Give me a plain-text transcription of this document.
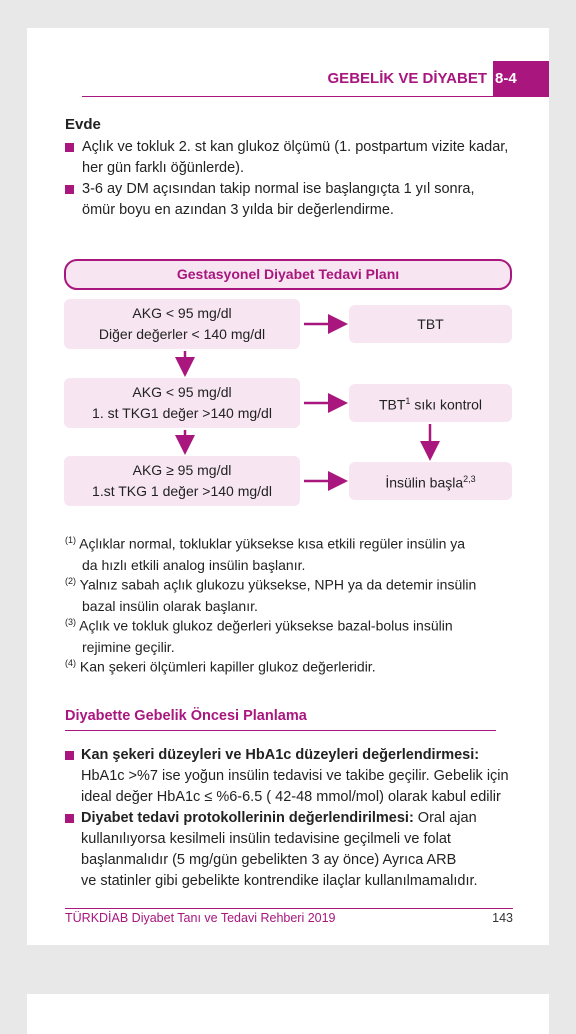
GEBELİK VE DİYABET 8-4
Evde
Açlık ve tokluk 2. st kan glukoz ölçümü (1. postpartum vizite kadar,
her gün farklı öğünlerde).
3-6 ay DM açısından takip normal ise başlangıçta 1 yıl sonra,
ömür boyu en azından 3 yılda bir değerlendirme.
Gestasyonel Diyabet Tedavi Planı
AKG < 95 mg/dl
Diğer değerler < 140 mg/dl
AKG < 95 mg/dl
1. st TKG1 değer >140 mg/dl
AKG ≥ 95 mg/dl
1.st TKG 1 değer >140 mg/dl
TBT
TBT$^1$ sıkı kontrol
İnsülin başla$^{2,3}$
$^{(1)}$ Açlıklar normal, tokluklar yüksekse kısa etkili regüler insülin ya
da hızlı etkili analog insülin başlanır.
$^{(2)}$ Yalnız sabah açlık glukozu yüksekse, NPH ya da detemir insülin
bazal insülin olarak başlanır.
$^{(3)}$ Açlık ve tokluk glukoz değerleri yüksekse bazal-bolus insülin
rejimine geçilir.
$^{(4)}$ Kan şekeri ölçümleri kapiller glukoz değerleridir.
Diyabette Gebelik Öncesi Planlama
Kan şekeri düzeyleri ve HbA1c düzeyleri değerlendirmesi:
HbA1c >%7 ise yoğun insülin tedavisi ve takibe geçilir. Gebelik için
ideal değer HbA1c ≤ %6-6.5 ( 42-48 mmol/mol) olarak kabul edilir
Diyabet tedavi protokollerinin değerlendirilmesi: Oral ajan
kullanılıyorsa kesilmeli insülin tedavisine geçilmeli ve folat
başlanmalıdır (5 mg/gün gebelikten 3 ay önce) Ayrıca ARB
ve statinler gibi gebelikte kontrendike ilaçlar kullanılmamalıdır.
TÜRKDİAB Diyabet Tanı ve Tedavi Rehberi 2019	143
